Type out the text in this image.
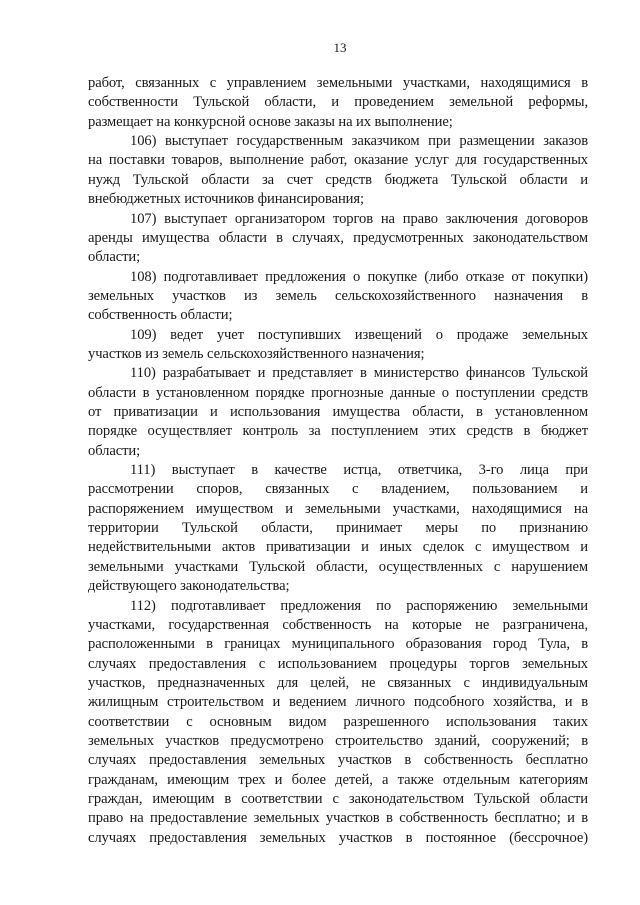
13
работ, связанных с управлением земельными участками, находящимися в
собственности Тульской области, и проведением земельной реформы,
размещает на конкурсной основе заказы на их выполнение;
106) выступает государственным заказчиком при размещении заказов
на поставки товаров, выполнение работ, оказание услуг для государственных
нужд Тульской области за счет средств бюджета Тульской области и
внебюджетных источников финансирования;
107) выступает организатором торгов на право заключения договоров
аренды имущества области в случаях, предусмотренных законодательством
области;
108) подготавливает предложения о покупке (либо отказе от покупки)
земельных участков из земель сельскохозяйственного назначения в
собственность области;
109) ведет учет поступивших извещений о продаже земельных
участков из земель сельскохозяйственного назначения;
110) разрабатывает и представляет в министерство финансов Тульской
области в установленном порядке прогнозные данные о поступлении средств
от приватизации и использования имущества области, в установленном
порядке осуществляет контроль за поступлением этих средств в бюджет
области;
111) выступает в качестве истца, ответчика, 3-го лица при
рассмотрении споров, связанных с владением, пользованием и
распоряжением имуществом и земельными участками, находящимися на
территории Тульской области, принимает меры по признанию
недействительными актов приватизации и иных сделок с имуществом и
земельными участками Тульской области, осуществленных с нарушением
действующего законодательства;
112) подготавливает предложения по распоряжению земельными
участками, государственная собственность на которые не разграничена,
расположенными в границах муниципального образования город Тула, в
случаях предоставления с использованием процедуры торгов земельных
участков, предназначенных для целей, не связанных с индивидуальным
жилищным строительством и ведением личного подсобного хозяйства, и в
соответствии с основным видом разрешенного использования таких
земельных участков предусмотрено строительство зданий, сооружений; в
случаях предоставления земельных участков в собственность бесплатно
гражданам, имеющим трех и более детей, а также отдельным категориям
граждан, имеющим в соответствии с законодательством Тульской области
право на предоставление земельных участков в собственность бесплатно; и в
случаях предоставления земельных участков в постоянное (бессрочное)
